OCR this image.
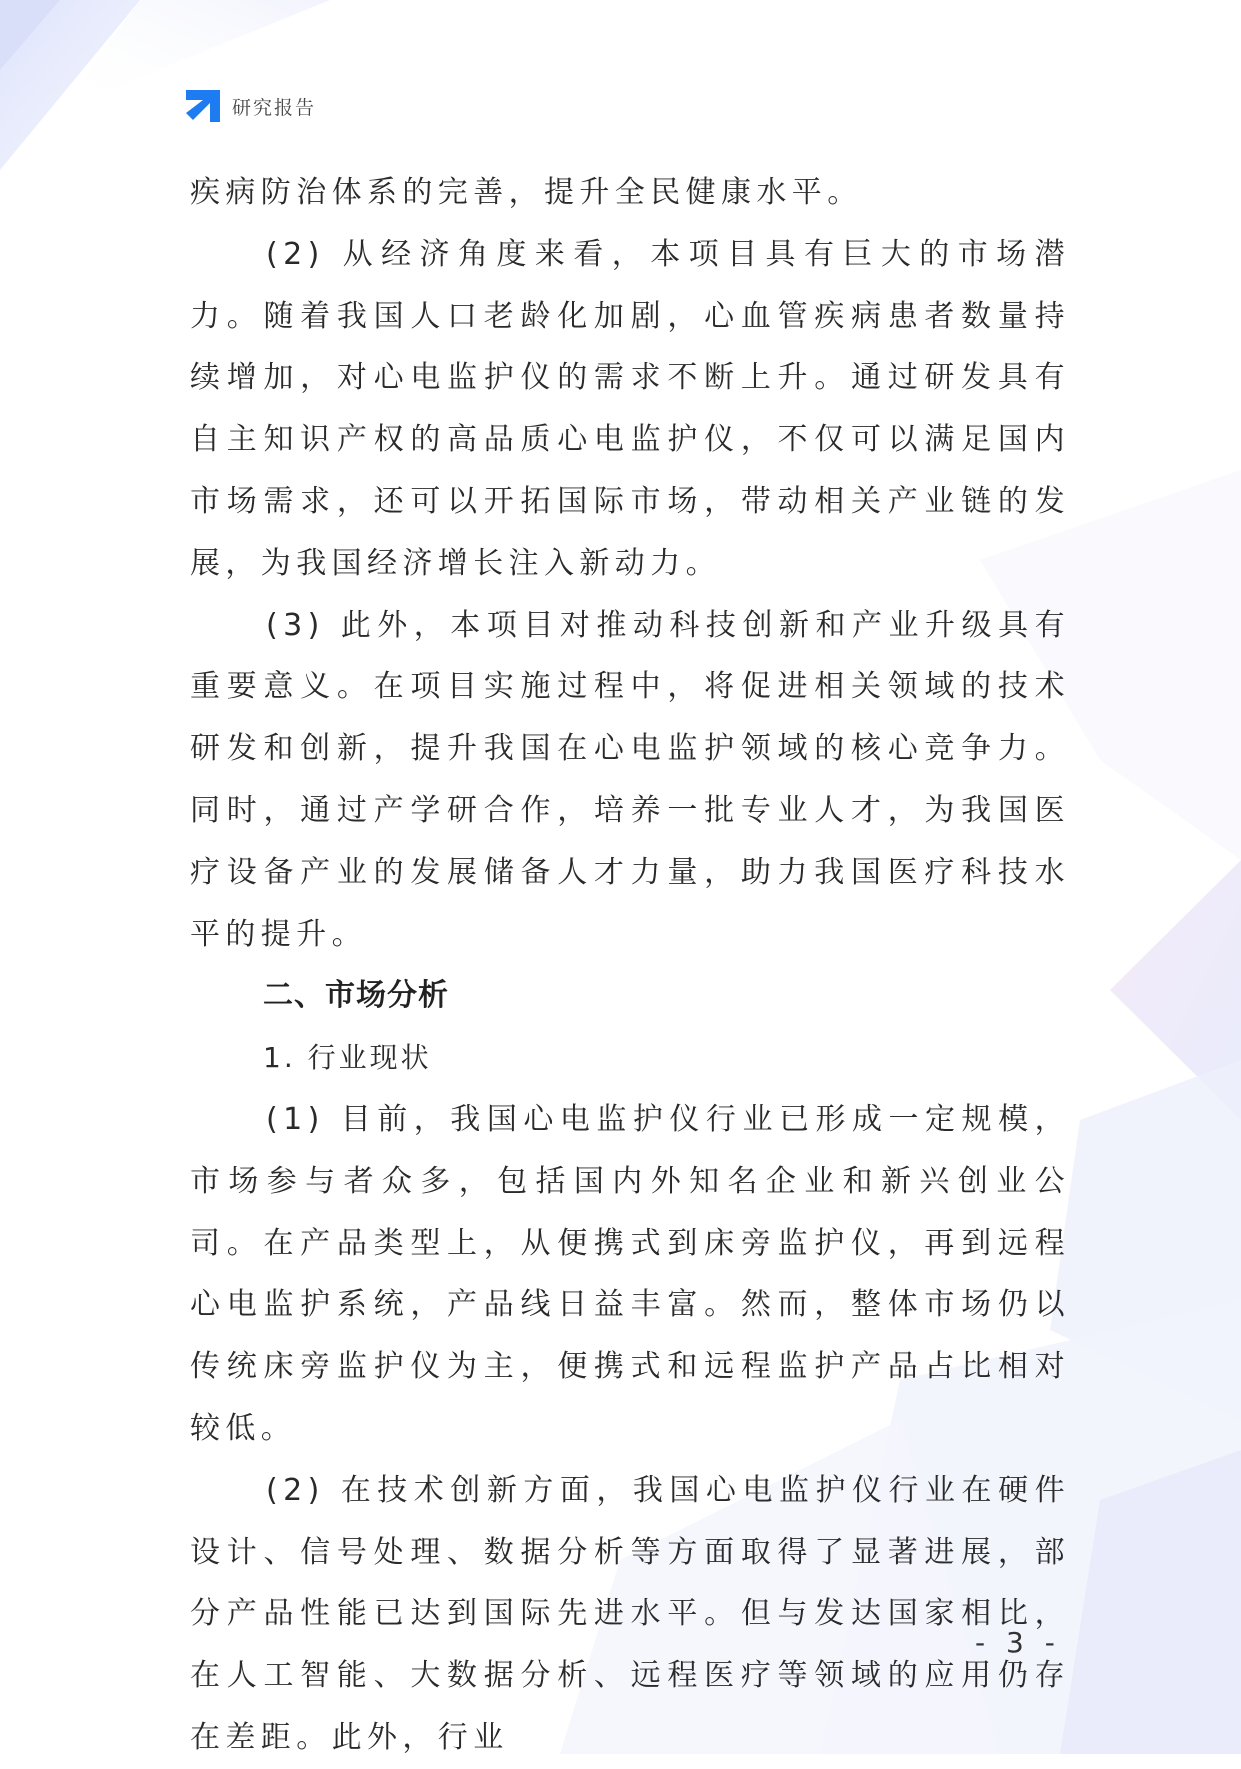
研究报告

疾病防治体系的完善，提升全民健康水平。

(2) 从经济角度来看，本项目具有巨大的市场潜力。随着我国人口老龄化加剧，心血管疾病患者数量持续增加，对心电监护仪的需求不断上升。通过研发具有自主知识产权的高品质心电监护仪，不仅可以满足国内市场需求，还可以开拓国际市场，带动相关产业链的发展，为我国经济增长注入新动力。

(3) 此外，本项目对推动科技创新和产业升级具有重要意义。在项目实施过程中，将促进相关领域的技术研发和创新，提升我国在心电监护领域的核心竞争力。同时，通过产学研合作，培养一批专业人才，为我国医疗设备产业的发展储备人才力量，助力我国医疗科技水平的提升。

二、市场分析

1. 行业现状

(1) 目前，我国心电监护仪行业已形成一定规模，市场参与者众多，包括国内外知名企业和新兴创业公司。在产品类型上，从便携式到床旁监护仪，再到远程心电监护系统，产品线日益丰富。然而，整体市场仍以传统床旁监护仪为主，便携式和远程监护产品占比相对较低。

(2) 在技术创新方面，我国心电监护仪行业在硬件设计、信号处理、数据分析等方面取得了显著进展，部分产品性能已达到国际先进水平。但与发达国家相比，在人工智能、大数据分析、远程医疗等领域的应用仍存在差距。此外，行业

- 3 -
